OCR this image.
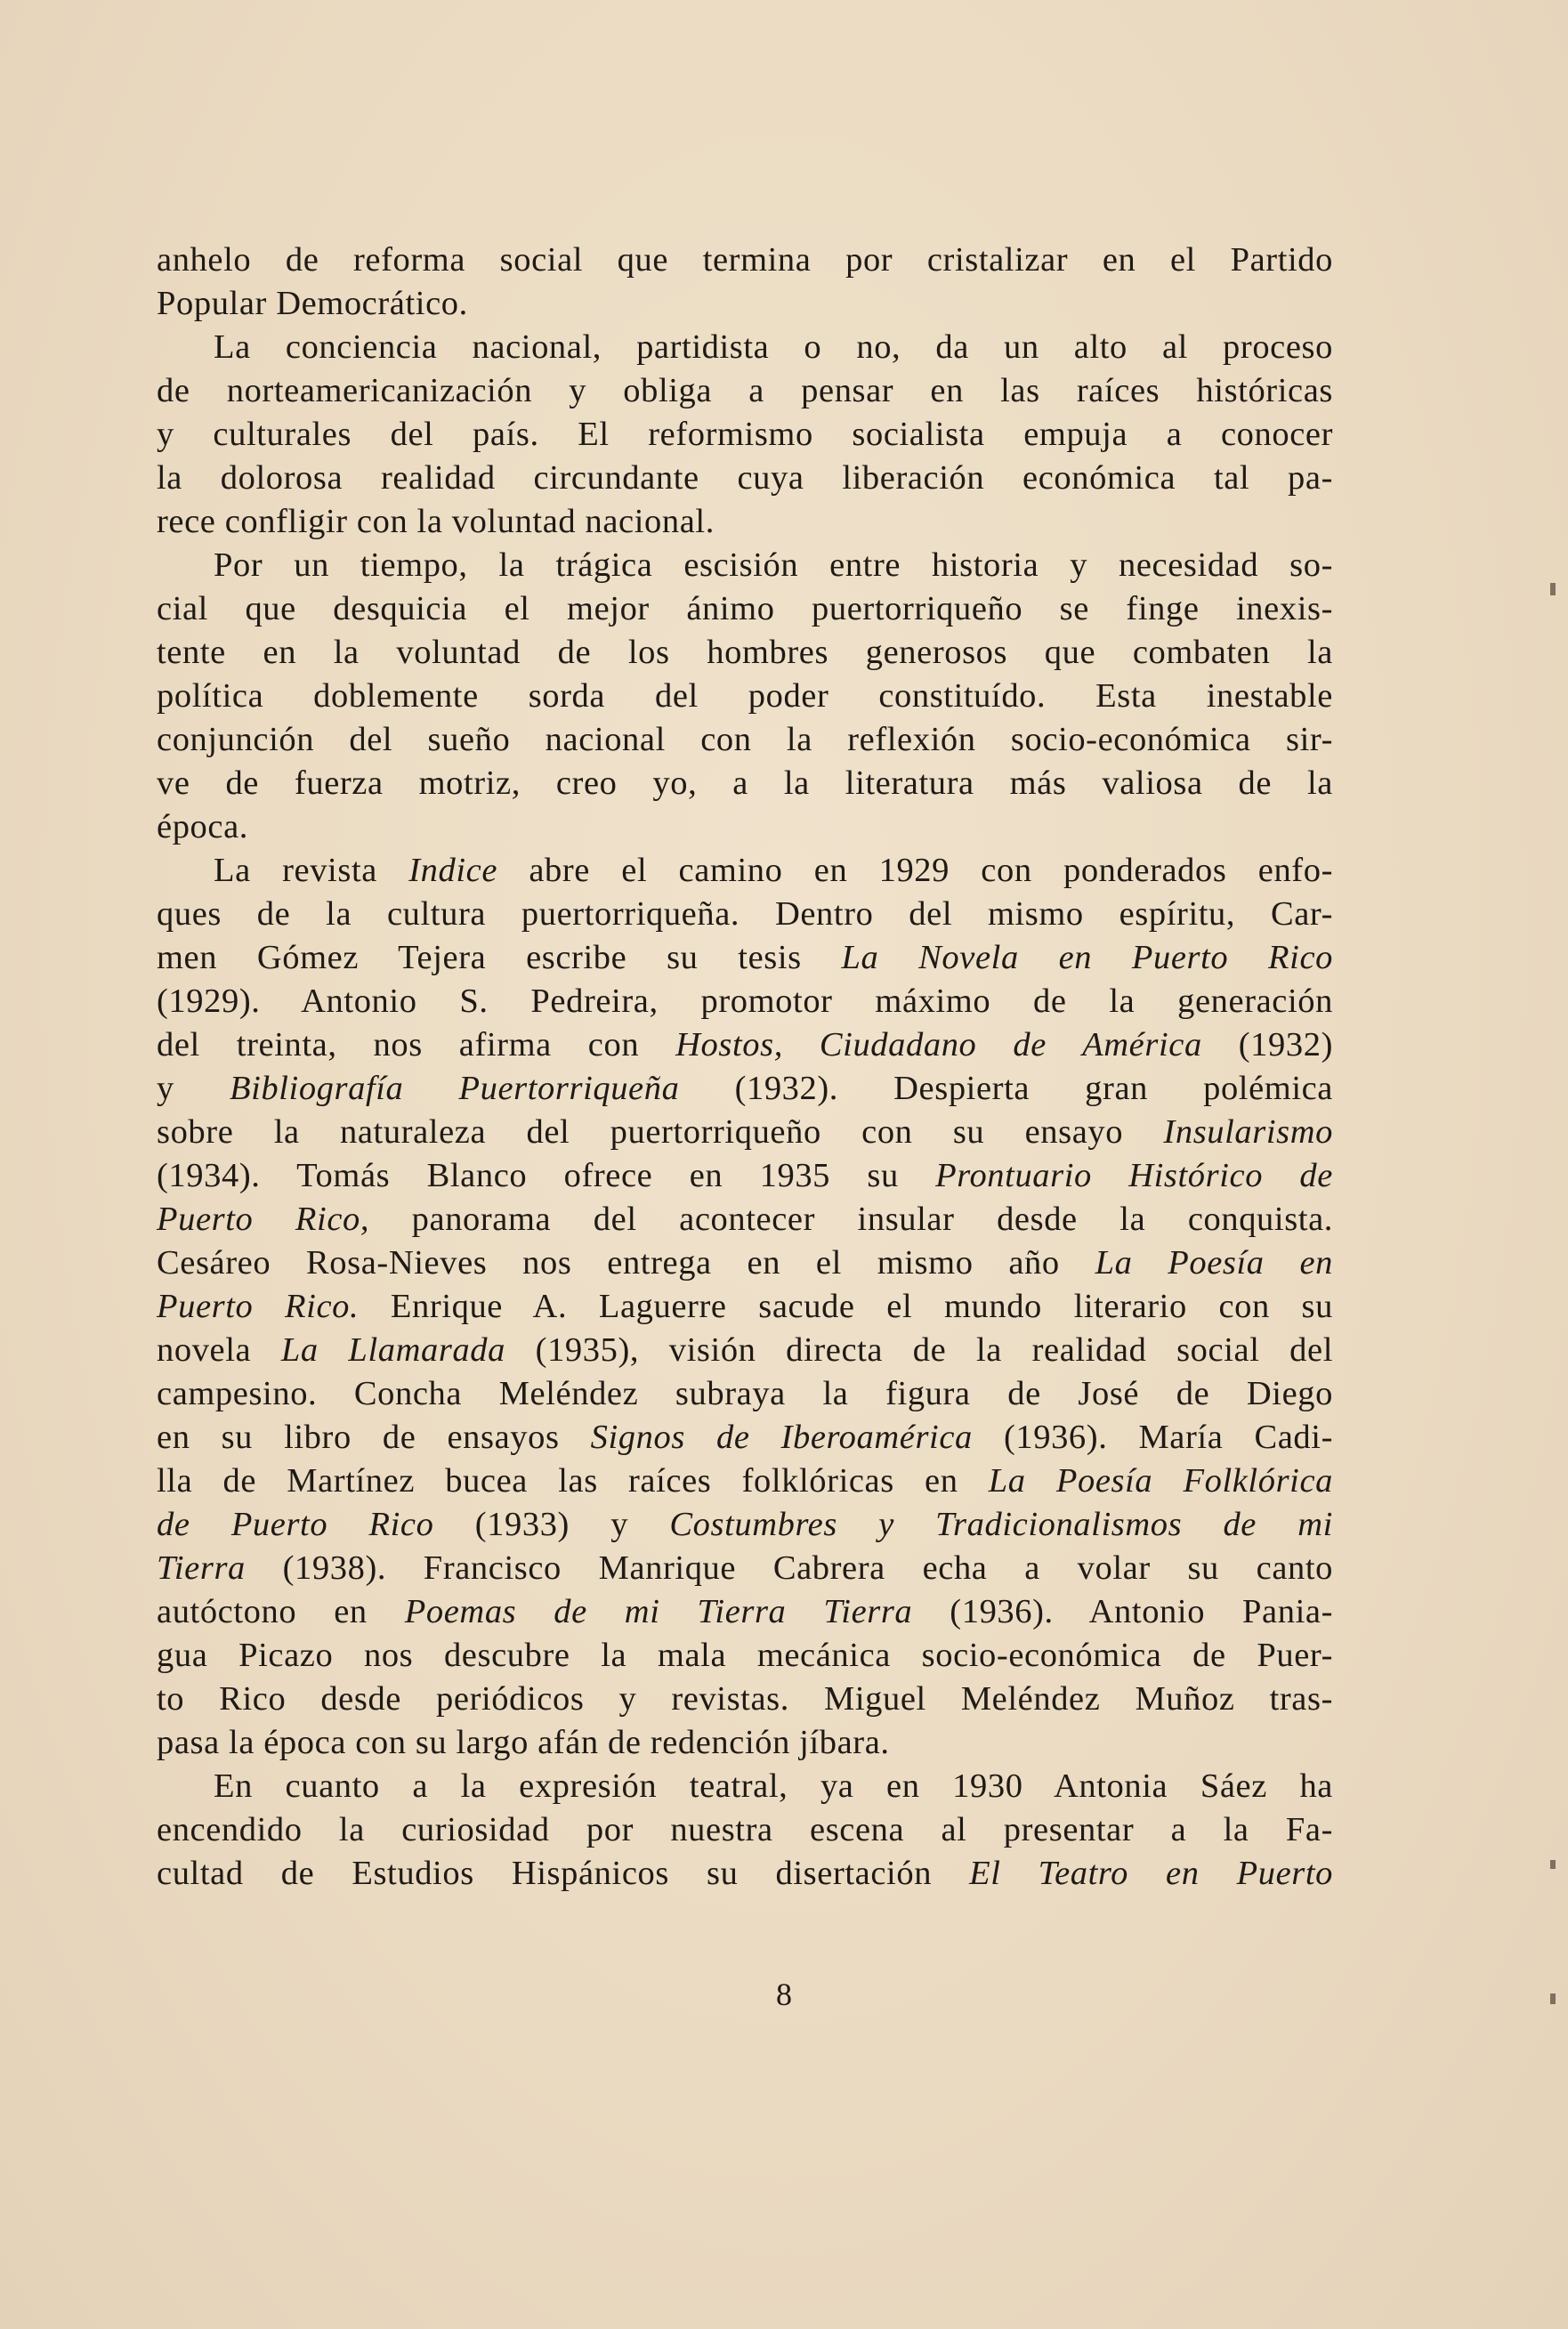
anhelo de reforma social que termina por cristalizar en el Partido
Popular Democrático.

La conciencia nacional, partidista o no, da un alto al proceso
de norteamericanización y obliga a pensar en las raíces históricas
y culturales del país. El reformismo socialista empuja a conocer
la dolorosa realidad circundante cuya liberación económica tal pa-
rece confligir con la voluntad nacional.

Por un tiempo, la trágica escisión entre historia y necesidad so-
cial que desquicia el mejor ánimo puertorriqueño se finge inexis-
tente en la voluntad de los hombres generosos que combaten la
política doblemente sorda del poder constituído. Esta inestable
conjunción del sueño nacional con la reflexión socio-económica sir-
ve de fuerza motriz, creo yo, a la literatura más valiosa de la
época.

La revista Indice abre el camino en 1929 con ponderados enfo-
ques de la cultura puertorriqueña. Dentro del mismo espíritu, Car-
men Gómez Tejera escribe su tesis La Novela en Puerto Rico
(1929). Antonio S. Pedreira, promotor máximo de la generación
del treinta, nos afirma con Hostos, Ciudadano de América (1932)
y Bibliografía Puertorriqueña (1932). Despierta gran polémica
sobre la naturaleza del puertorriqueño con su ensayo Insularismo
(1934). Tomás Blanco ofrece en 1935 su Prontuario Histórico de
Puerto Rico, panorama del acontecer insular desde la conquista.
Cesáreo Rosa-Nieves nos entrega en el mismo año La Poesía en
Puerto Rico. Enrique A. Laguerre sacude el mundo literario con su
novela La Llamarada (1935), visión directa de la realidad social del
campesino. Concha Meléndez subraya la figura de José de Diego
en su libro de ensayos Signos de Iberoamérica (1936). María Cadi-
lla de Martínez bucea las raíces folklóricas en La Poesía Folklórica
de Puerto Rico (1933) y Costumbres y Tradicionalismos de mi
Tierra (1938). Francisco Manrique Cabrera echa a volar su canto
autóctono en Poemas de mi Tierra Tierra (1936). Antonio Pania-
gua Picazo nos descubre la mala mecánica socio-económica de Puer-
to Rico desde periódicos y revistas. Miguel Meléndez Muñoz tras-
pasa la época con su largo afán de redención jíbara.

En cuanto a la expresión teatral, ya en 1930 Antonia Sáez ha
encendido la curiosidad por nuestra escena al presentar a la Fa-
cultad de Estudios Hispánicos su disertación El Teatro en Puerto

8
